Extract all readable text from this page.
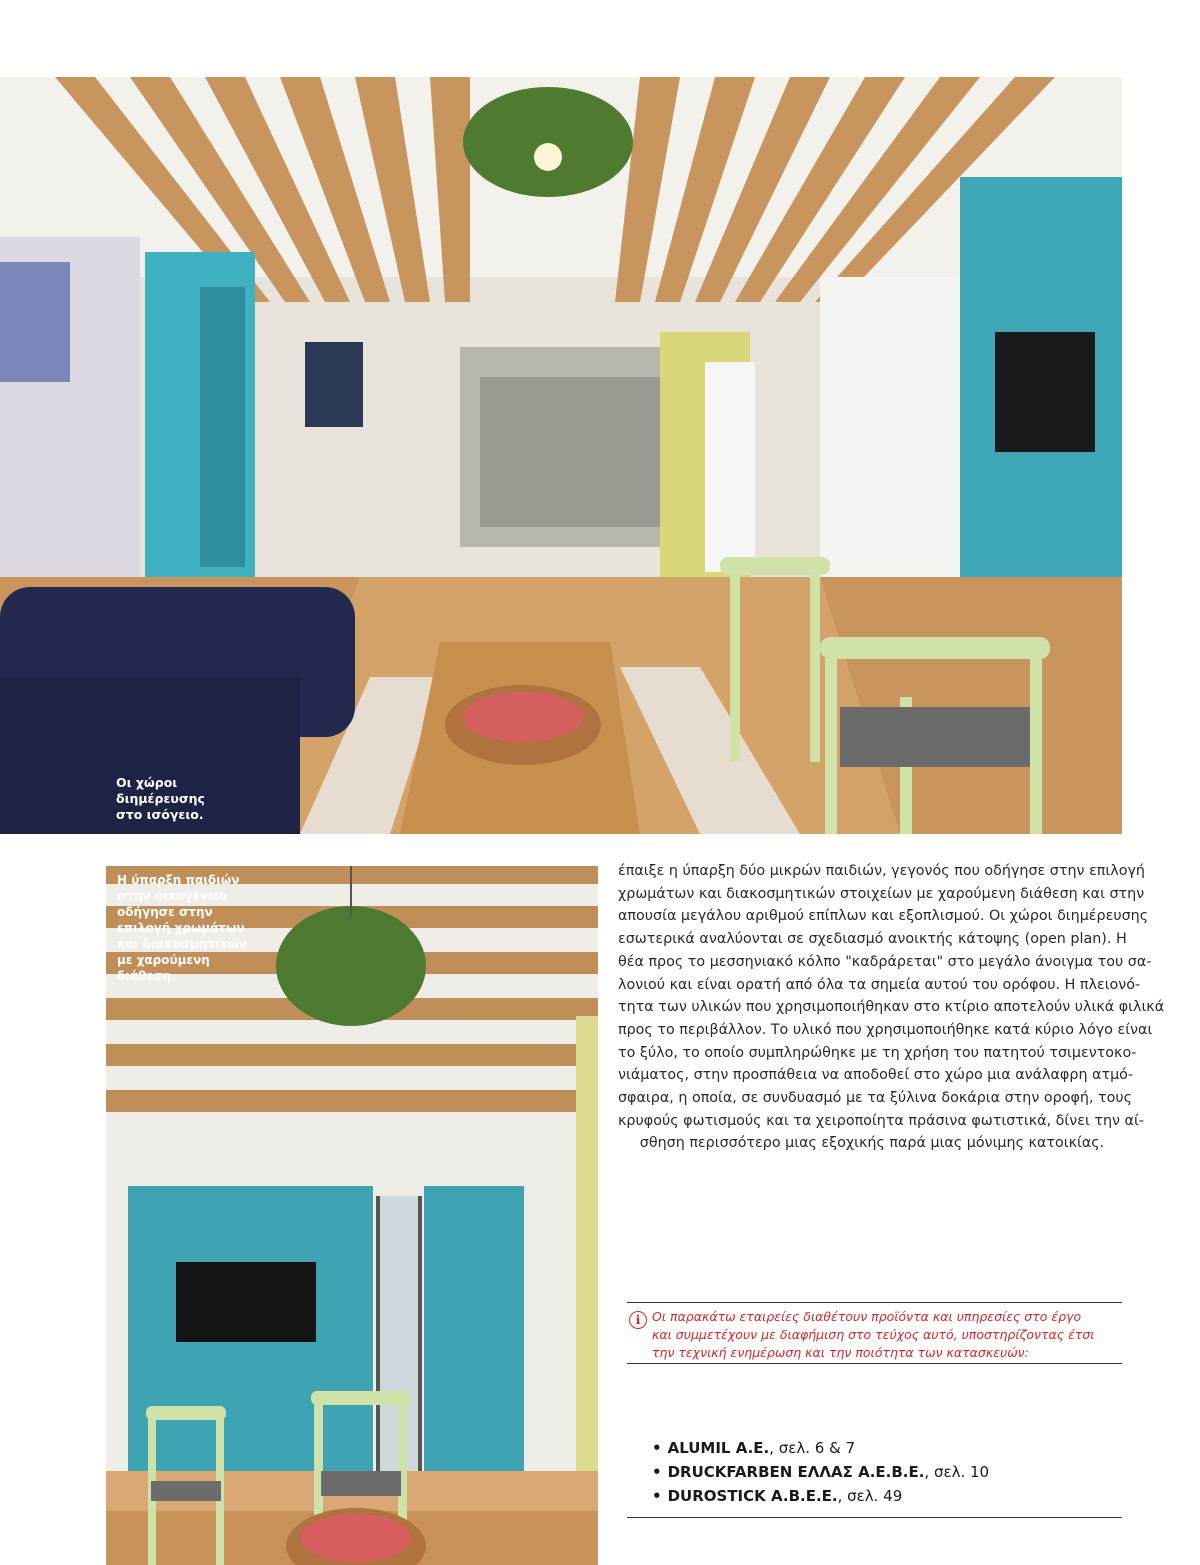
Οι χώροι
διημέρευσης
στο ισόγειο.

Η ύπαρξη παιδιών
στην οικογένεια
οδήγησε στην
επιλογή χρωμάτων
και διακοσμητικών
με χαρούμενη
διάθεση.

έπαιξε η ύπαρξη δύο μικρών παιδιών, γεγονός που οδήγησε στην επιλογή
χρωμάτων και διακοσμητικών στοιχείων με χαρούμενη διάθεση και στην
απουσία μεγάλου αριθμού επίπλων και εξοπλισμού. Οι χώροι διημέρευσης
εσωτερικά αναλύονται σε σχεδιασμό ανοικτής κάτοψης (open plan). Η
θέα προς το μεσσηνιακό κόλπο "καδράρεται" στο μεγάλο άνοιγμα του σα-
λονιού και είναι ορατή από όλα τα σημεία αυτού του ορόφου. Η πλειονό-
τητα των υλικών που χρησιμοποιήθηκαν στο κτίριο αποτελούν υλικά φιλικά
προς το περιβάλλον. Το υλικό που χρησιμοποιήθηκε κατά κύριο λόγο είναι
το ξύλο, το οποίο συμπληρώθηκε με τη χρήση του πατητού τσιμεντοκο-
νιάματος, στην προσπάθεια να αποδοθεί στο χώρο μια ανάλαφρη ατμό-
σφαιρα, η οποία, σε συνδυασμό με τα ξύλινα δοκάρια στην οροφή, τους
κρυφούς φωτισμούς και τα χειροποίητα πράσινα φωτιστικά, δίνει την αί-
σθηση περισσότερο μιας εξοχικής παρά μιας μόνιμης κατοικίας.

i Οι παρακάτω εταιρείες διαθέτουν προϊόντα και υπηρεσίες στο έργο
και συμμετέχουν με διαφήμιση στο τεύχος αυτό, υποστηρίζοντας έτσι
την τεχνική ενημέρωση και την ποιότητα των κατασκευών:

• ALUMIL A.E., σελ. 6 & 7
• DRUCKFARBEN ΕΛΛΑΣ Α.Ε.Β.Ε., σελ. 10
• DUROSTICK A.B.E.E., σελ. 49
